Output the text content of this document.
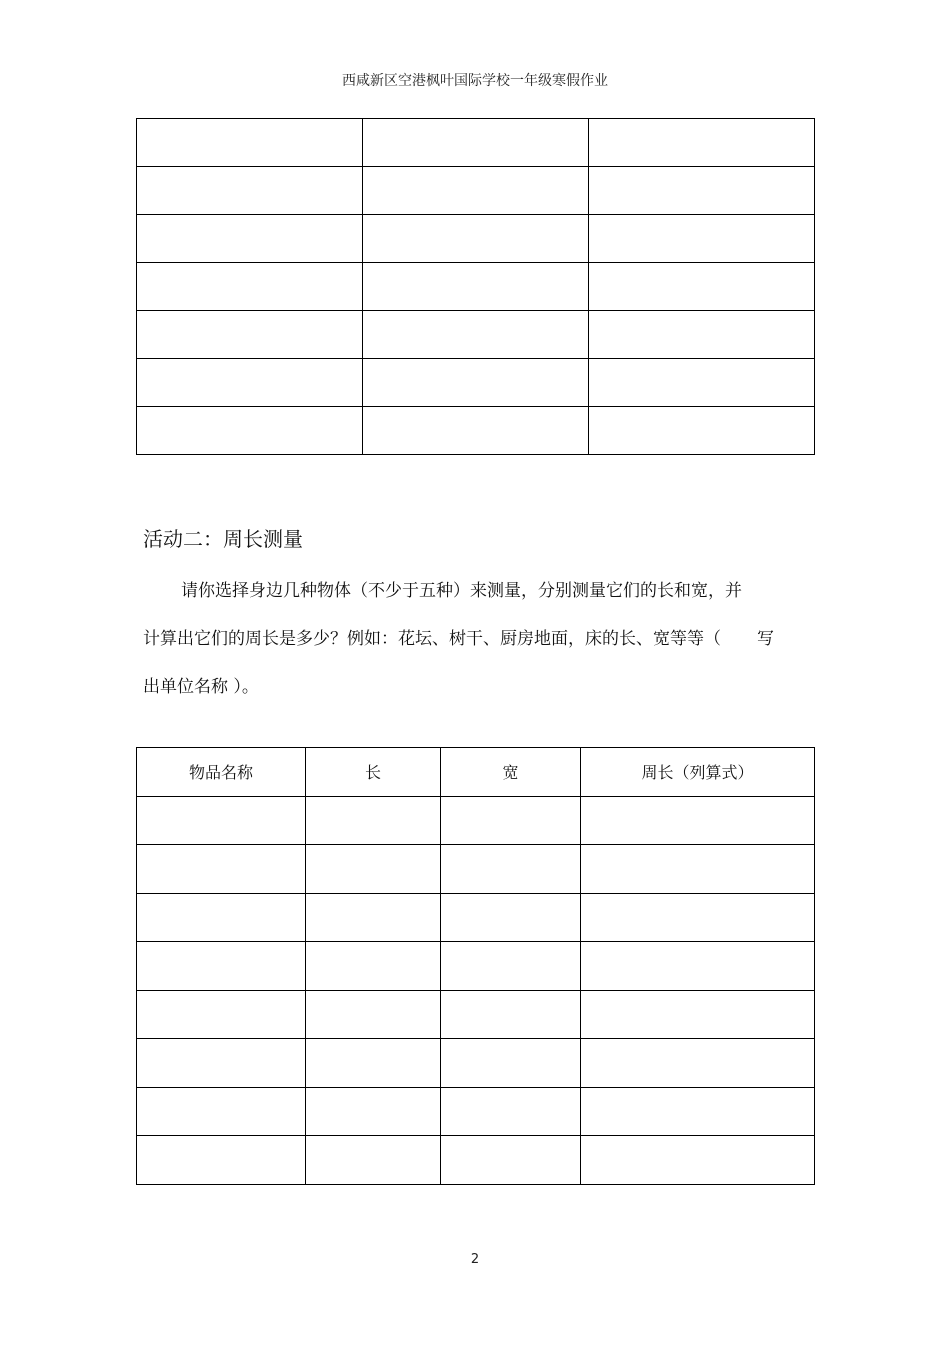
西咸新区空港枫叶国际学校一年级寒假作业

活动二：周长测量
请你选择身边几种物体（不少于五种）来测量，分别测量它们的长和宽，并
计算出它们的周长是多少？例如：花坛、树干、厨房地面，床的长、宽等等（ 写
出单位名称 ）。
物品名称	长	宽	周长（列算式）

2
